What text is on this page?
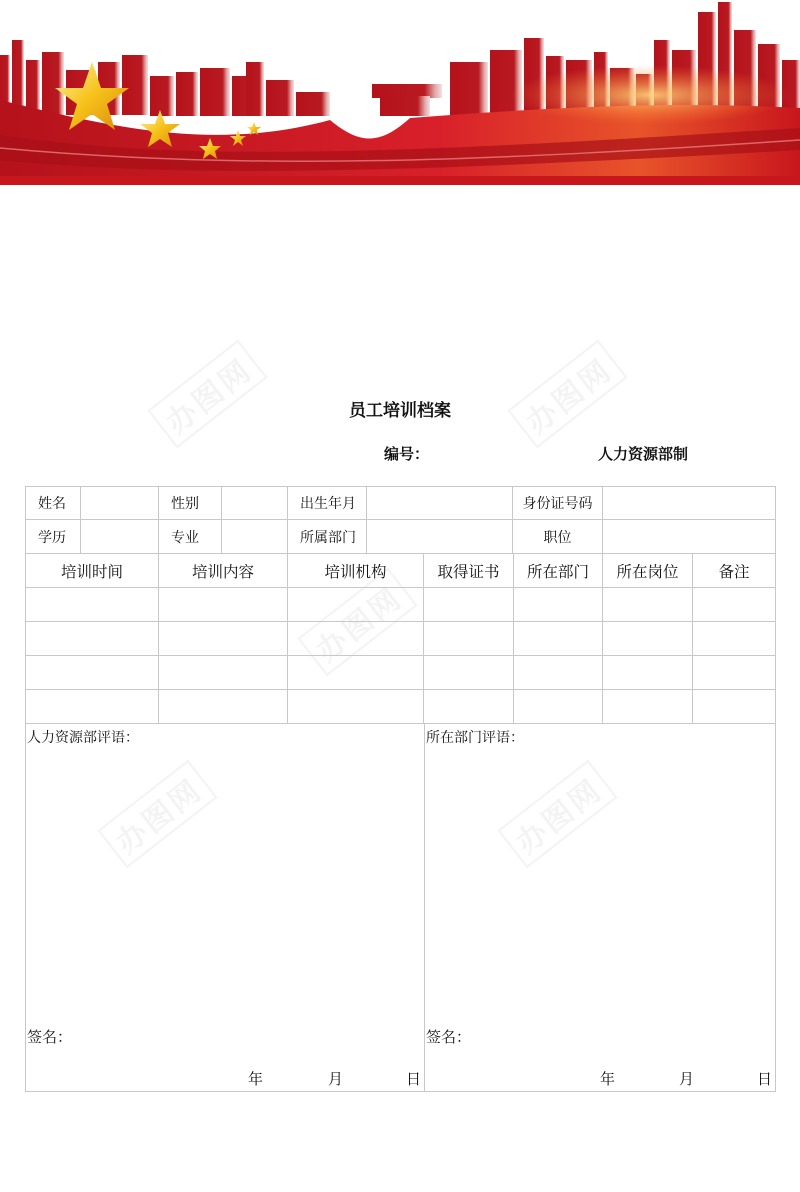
办图网	办图网
办图网
办图网	办图网
员工培训档案
编号：	人力资源部制
姓名	性别	出生年月	身份证号码
学历	专业	所属部门	职位
培训时间	培训内容	培训机构	取得证书	所在部门	所在岗位	备注
人力资源部评语：
签名：
年	月	日
所在部门评语：
签名：
年	月	日
